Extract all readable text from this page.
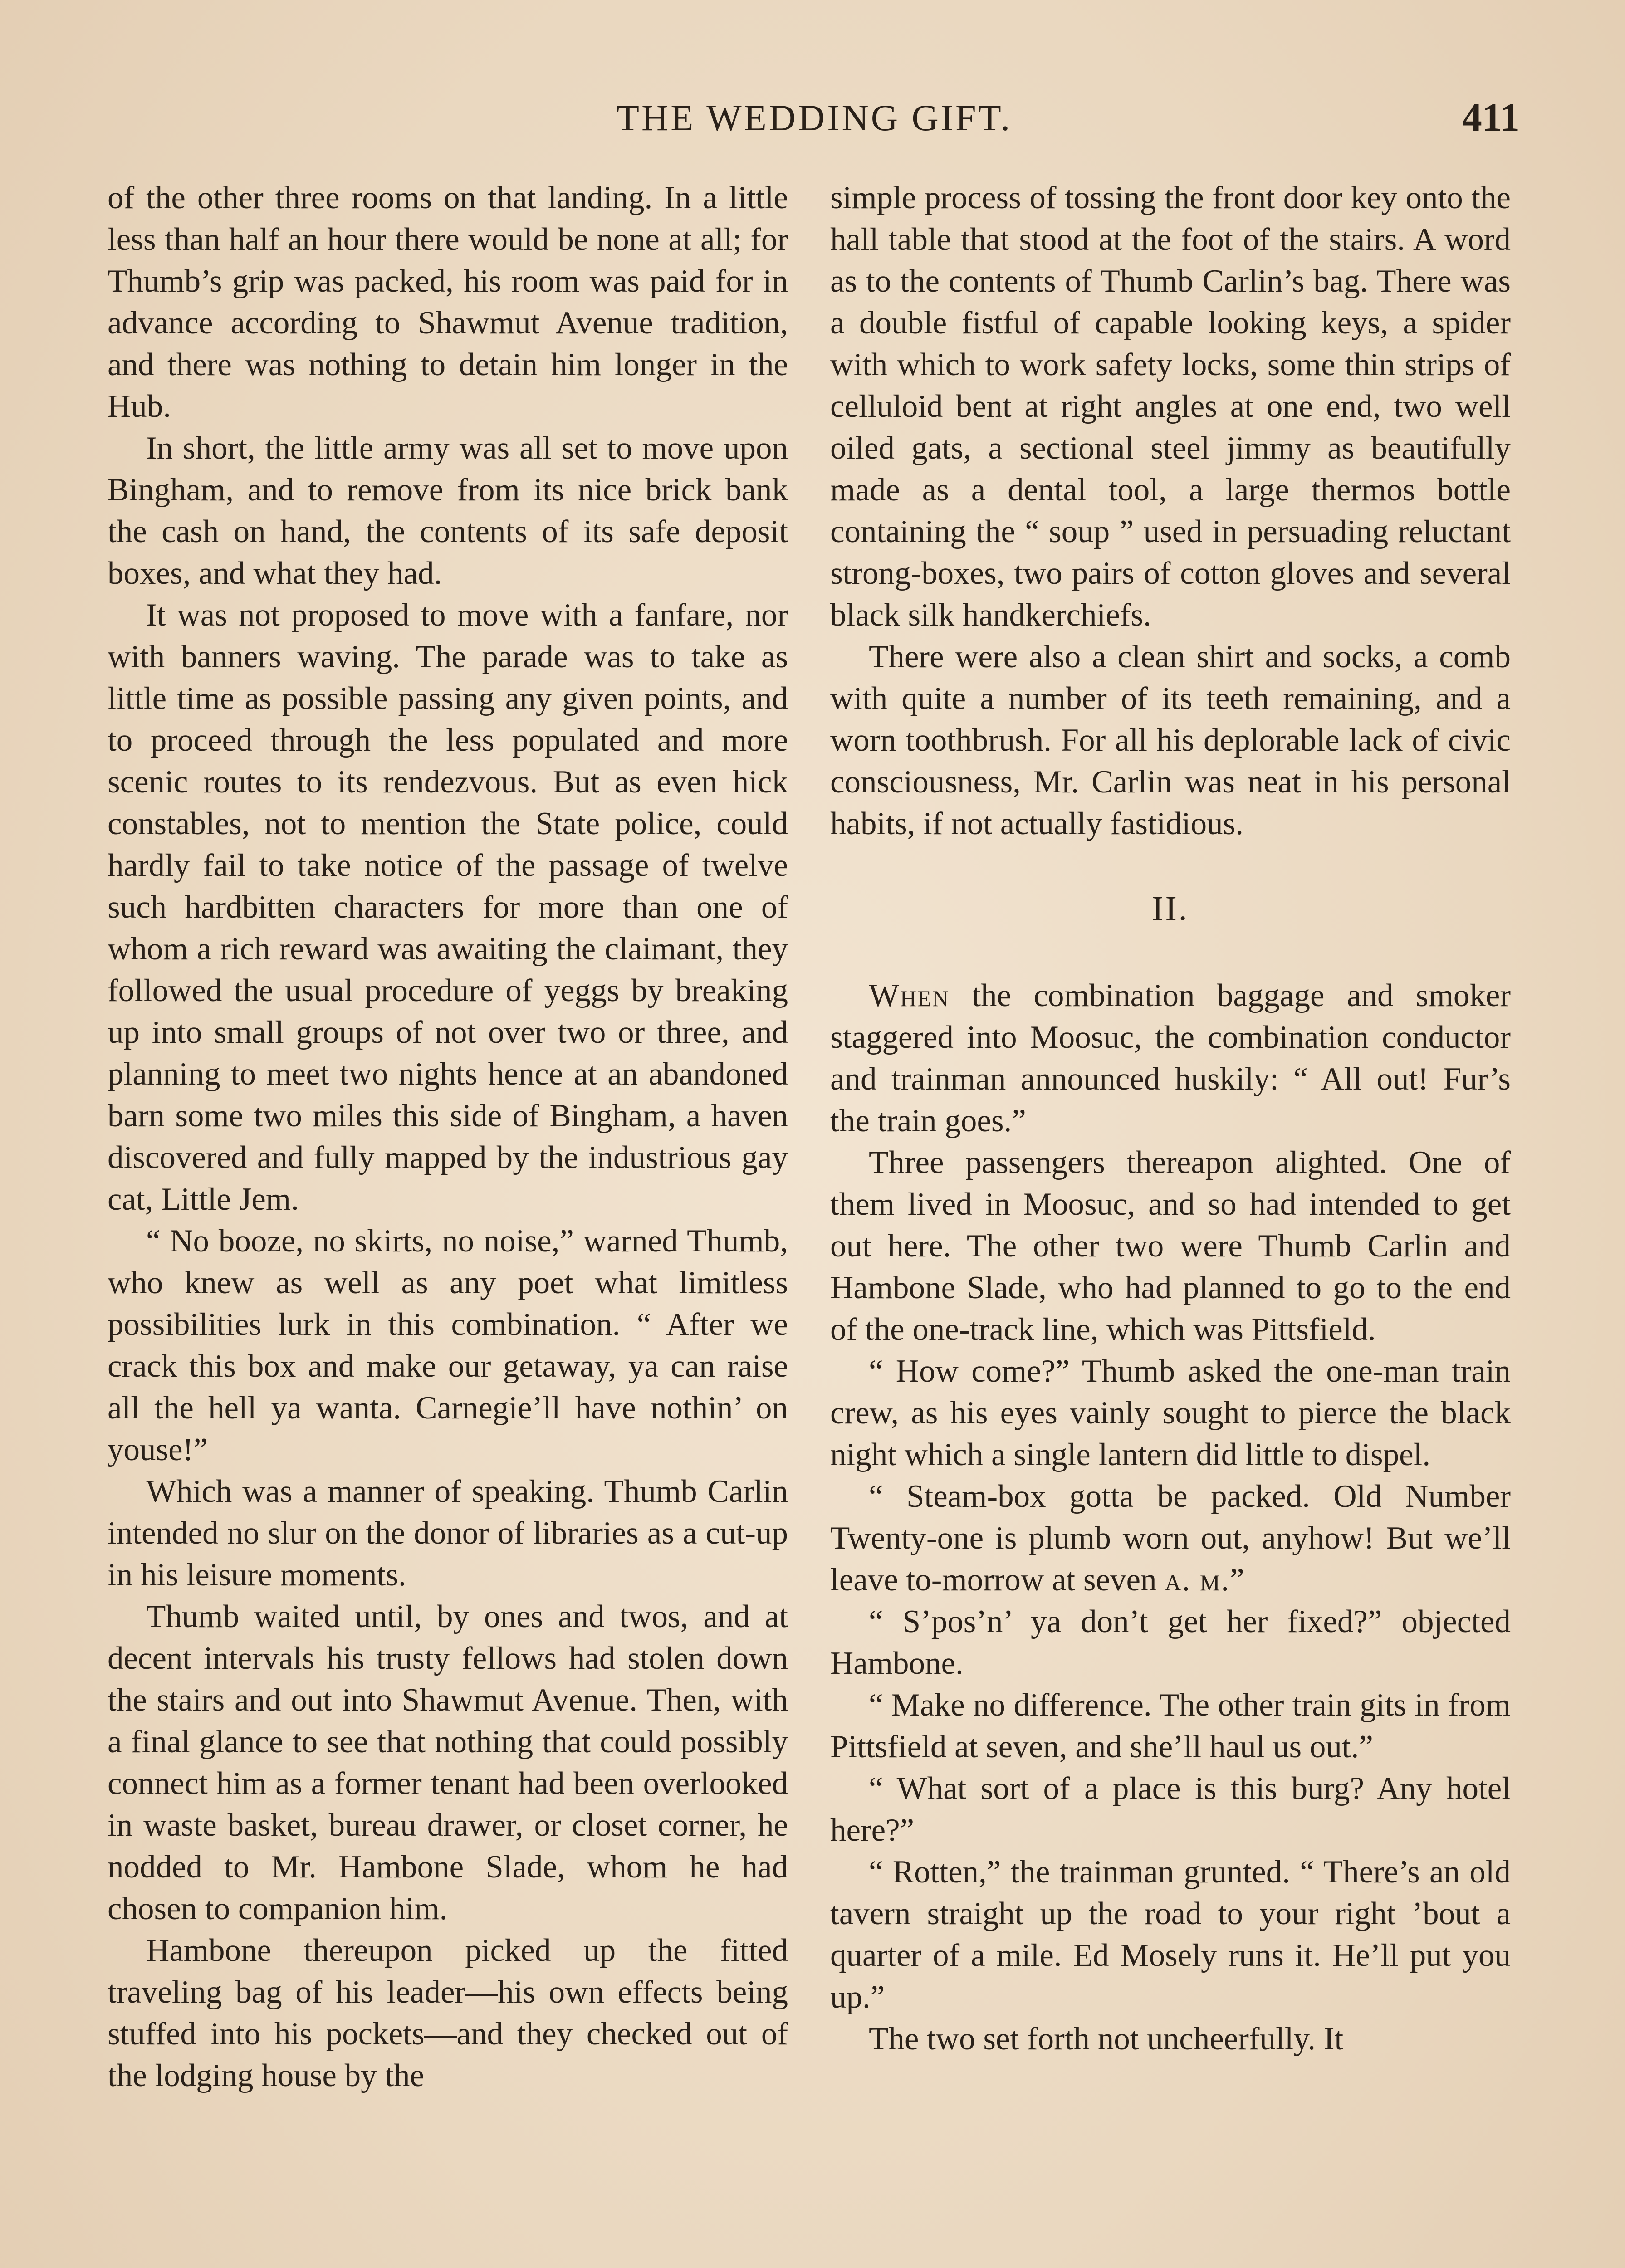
THE WEDDING GIFT.	411

of the other three rooms on that landing. In a little less than half an hour there would be none at all; for Thumb’s grip was packed, his room was paid for in advance according to Shawmut Avenue tradition, and there was nothing to detain him longer in the Hub.

In short, the little army was all set to move upon Bingham, and to remove from its nice brick bank the cash on hand, the contents of its safe deposit boxes, and what they had.

It was not proposed to move with a fanfare, nor with banners waving. The parade was to take as little time as possible passing any given points, and to proceed through the less populated and more scenic routes to its rendezvous. But as even hick constables, not to mention the State police, could hardly fail to take notice of the passage of twelve such hardbitten characters for more than one of whom a rich reward was awaiting the claimant, they followed the usual procedure of yeggs by breaking up into small groups of not over two or three, and planning to meet two nights hence at an abandoned barn some two miles this side of Bingham, a haven discovered and fully mapped by the industrious gay cat, Little Jem.

“ No booze, no skirts, no noise,” warned Thumb, who knew as well as any poet what limitless possibilities lurk in this combination. “ After we crack this box and make our getaway, ya can raise all the hell ya wanta. Carnegie’ll have nothin’ on youse!”

Which was a manner of speaking. Thumb Carlin intended no slur on the donor of libraries as a cut-up in his leisure moments.

Thumb waited until, by ones and twos, and at decent intervals his trusty fellows had stolen down the stairs and out into Shawmut Avenue. Then, with a final glance to see that nothing that could possibly connect him as a former tenant had been overlooked in waste basket, bureau drawer, or closet corner, he nodded to Mr. Hambone Slade, whom he had chosen to companion him.

Hambone thereupon picked up the fitted traveling bag of his leader—his own effects being stuffed into his pockets—and they checked out of the lodging house by the

simple process of tossing the front door key onto the hall table that stood at the foot of the stairs. A word as to the contents of Thumb Carlin’s bag. There was a double fistful of capable looking keys, a spider with which to work safety locks, some thin strips of celluloid bent at right angles at one end, two well oiled gats, a sectional steel jimmy as beautifully made as a dental tool, a large thermos bottle containing the “ soup ” used in persuading reluctant strong-boxes, two pairs of cotton gloves and several black silk handkerchiefs.

There were also a clean shirt and socks, a comb with quite a number of its teeth remaining, and a worn toothbrush. For all his deplorable lack of civic consciousness, Mr. Carlin was neat in his personal habits, if not actually fastidious.

II.

When the combination baggage and smoker staggered into Moosuc, the combination conductor and trainman announced huskily: “ All out! Fur’s the train goes.”

Three passengers thereapon alighted. One of them lived in Moosuc, and so had intended to get out here. The other two were Thumb Carlin and Hambone Slade, who had planned to go to the end of the one-track line, which was Pittsfield.

“ How come?” Thumb asked the one-man train crew, as his eyes vainly sought to pierce the black night which a single lantern did little to dispel.

“ Steam-box gotta be packed. Old Number Twenty-one is plumb worn out, anyhow! But we’ll leave to-morrow at seven a. m.”

“ S’pos’n’ ya don’t get her fixed?” objected Hambone.

“ Make no difference. The other train gits in from Pittsfield at seven, and she’ll haul us out.”

“ What sort of a place is this burg? Any hotel here?”

“ Rotten,” the trainman grunted. “ There’s an old tavern straight up the road to your right ’bout a quarter of a mile. Ed Mosely runs it. He’ll put you up.”

The two set forth not uncheerfully. It
